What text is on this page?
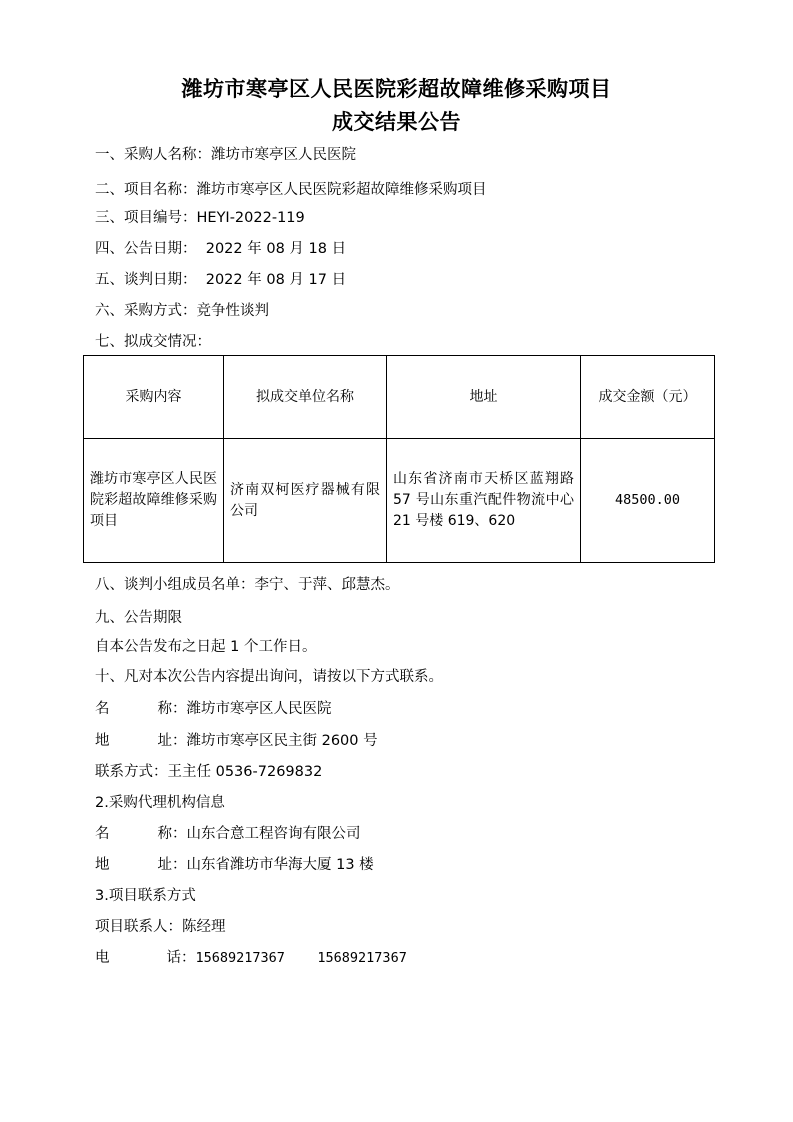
潍坊市寒亭区人民医院彩超故障维修采购项目
成交结果公告
一、采购人名称：潍坊市寒亭区人民医院
二、项目名称：潍坊市寒亭区人民医院彩超故障维修采购项目
三、项目编号：HEYI-2022-119
四、公告日期：  2022 年 08 月 18 日
五、谈判日期：  2022 年 08 月 17 日
六、采购方式：竞争性谈判
七、拟成交情况：
采购内容	拟成交单位名称	地址	成交金额（元）
潍坊市寒亭区人民医院彩超故障维修采购项目	济南双柯医疗器械有限公司	山东省济南市天桥区蓝翔路 57 号山东重汽配件物流中心 21 号楼 619、620	48500.00
八、谈判小组成员名单：李宁、于萍、邱慧杰。
九、公告期限
自本公告发布之日起 1 个工作日。
十、凡对本次公告内容提出询问，请按以下方式联系。
名	称：潍坊市寒亭区人民医院
地	址：潍坊市寒亭区民主街 2600 号
联系方式：王主任 0536-7269832
2.采购代理机构信息
名	称：山东合意工程咨询有限公司
地	址：山东省潍坊市华海大厦 13 楼
3.项目联系方式
项目联系人：陈经理
电	话：15689217367    15689217367
